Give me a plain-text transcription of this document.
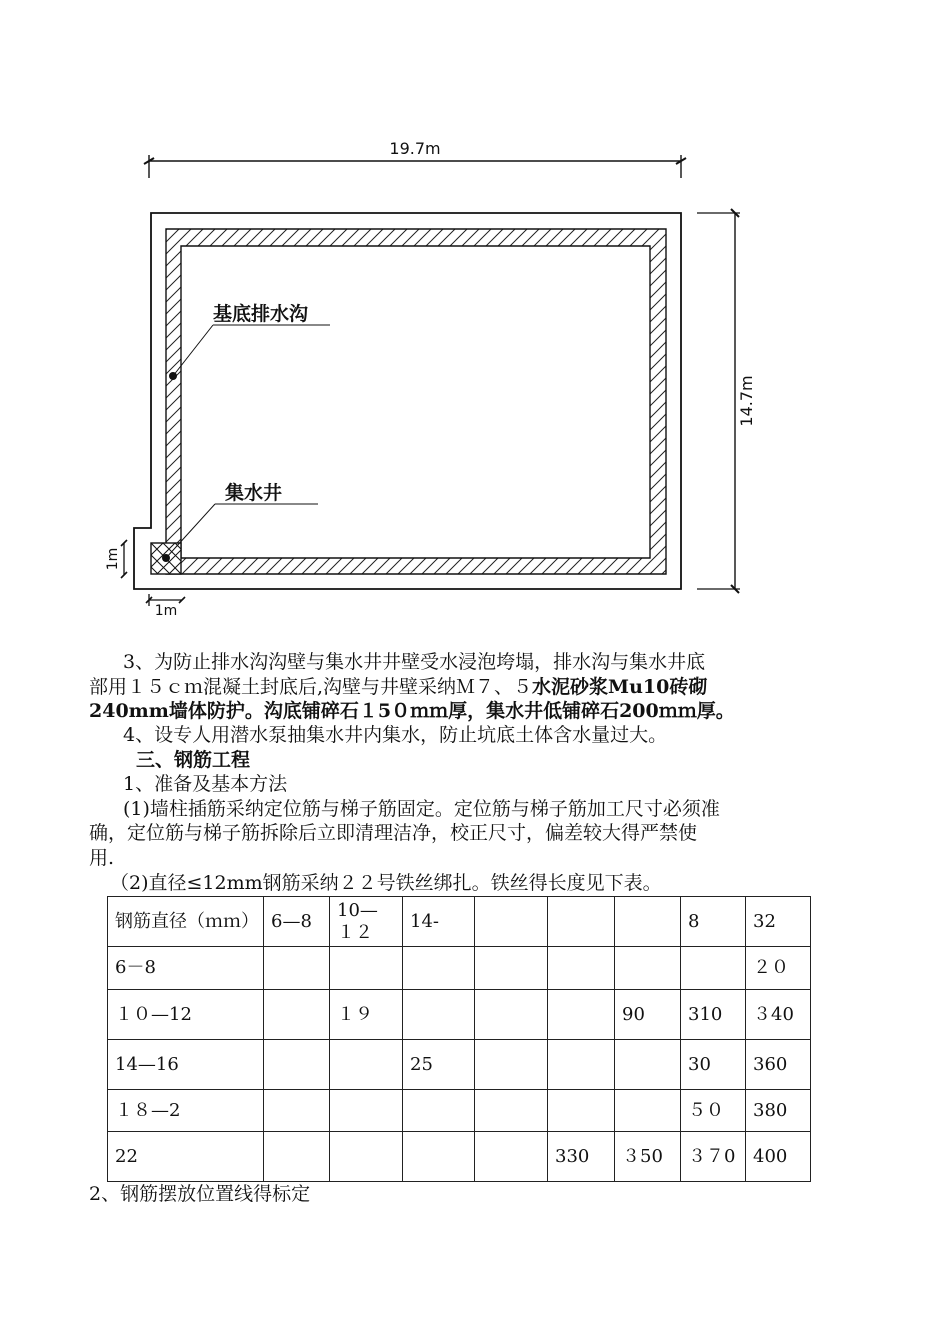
19.7m
14.7m
基底排水沟
集水井
1m
1m
3、为防止排水沟沟壁与集水井井壁受水浸泡垮塌，排水沟与集水井底
部用１５ｃｍ混凝土封底后,沟壁与井壁采纳Ｍ７、５水泥砂浆Mu10砖砌
240mm墙体防护。沟底铺碎石１5０ｍｍ厚，集水井低铺碎石200ｍｍ厚。
4、设专人用潜水泵抽集水井内集水，防止坑底土体含水量过大。
三、钢筋工程
1、准备及基本方法
(1)墙柱插筋采纳定位筋与梯子筋固定。定位筋与梯子筋加工尺寸必须准
确，定位筋与梯子筋拆除后立即清理洁净，校正尺寸，偏差较大得严禁使
用.
（2)直径≤12mm钢筋采纳２２号铁丝绑扎。铁丝得长度见下表。
钢筋直径（ｍｍ）	6—8	10—１２	14-				8	32
6－8								２０
１０—12		１９				90	310	３40
14—16			25				30	360
１８—2							５０	380
22					330	３50	３７0	400
2、钢筋摆放位置线得标定
